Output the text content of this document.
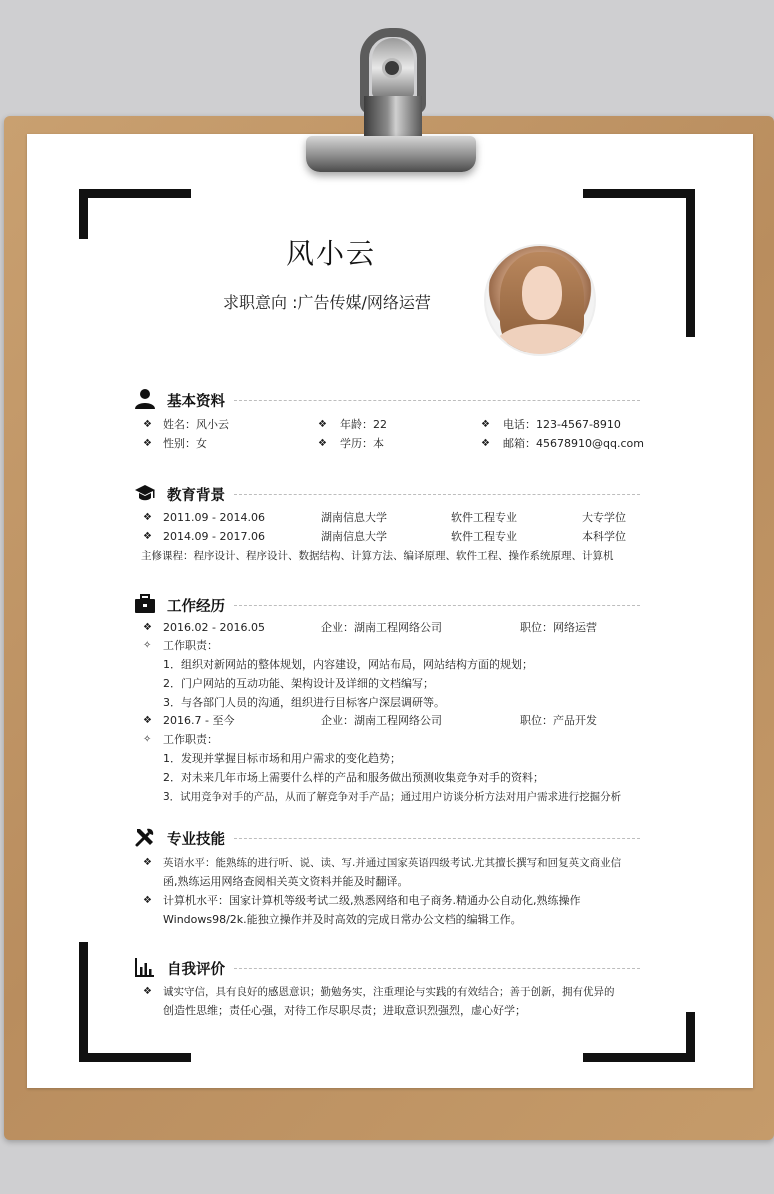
风小云
求职意向 :广告传媒/网络运营
基本资料
❖ 姓名：风小云	❖ 年龄：22	❖ 电话：123-4567-8910
❖ 性别：女	❖ 学历：本	❖ 邮箱：45678910@qq.com
教育背景
❖ 2011.09 - 2014.06	湖南信息大学	软件工程专业	大专学位
❖ 2014.09 - 2017.06	湖南信息大学	软件工程专业	本科学位
主修课程：程序设计、程序设计、数据结构、计算方法、编译原理、软件工程、操作系统原理、计算机
工作经历
❖ 2016.02 - 2016.05	企业：湖南工程网络公司	职位：网络运营
✧ 工作职责：
1．组织对新网站的整体规划，内容建设，网站布局，网站结构方面的规划；
2．门户网站的互动功能、架构设计及详细的文档编写；
3．与各部门人员的沟通，组织进行目标客户深层调研等。
❖ 2016.7 - 至今	企业：湖南工程网络公司	职位：产品开发
✧ 工作职责：
1．发现并掌握目标市场和用户需求的变化趋势；
2．对未来几年市场上需要什么样的产品和服务做出预测收集竞争对手的资料；
3．试用竞争对手的产品，从而了解竞争对手产品；通过用户访谈分析方法对用户需求进行挖掘分析
专业技能
❖ 英语水平：能熟练的进行听、说、读、写.并通过国家英语四级考试.尤其擅长撰写和回复英文商业信
函,熟练运用网络查阅相关英文资料并能及时翻译。
❖ 计算机水平：国家计算机等级考试二级,熟悉网络和电子商务.精通办公自动化,熟练操作
Windows98/2k.能独立操作并及时高效的完成日常办公文档的编辑工作。
自我评价
❖ 诚实守信，具有良好的感恩意识；勤勉务实，注重理论与实践的有效结合；善于创新，拥有优异的
创造性思维；责任心强，对待工作尽职尽责；进取意识烈强烈，虚心好学；
